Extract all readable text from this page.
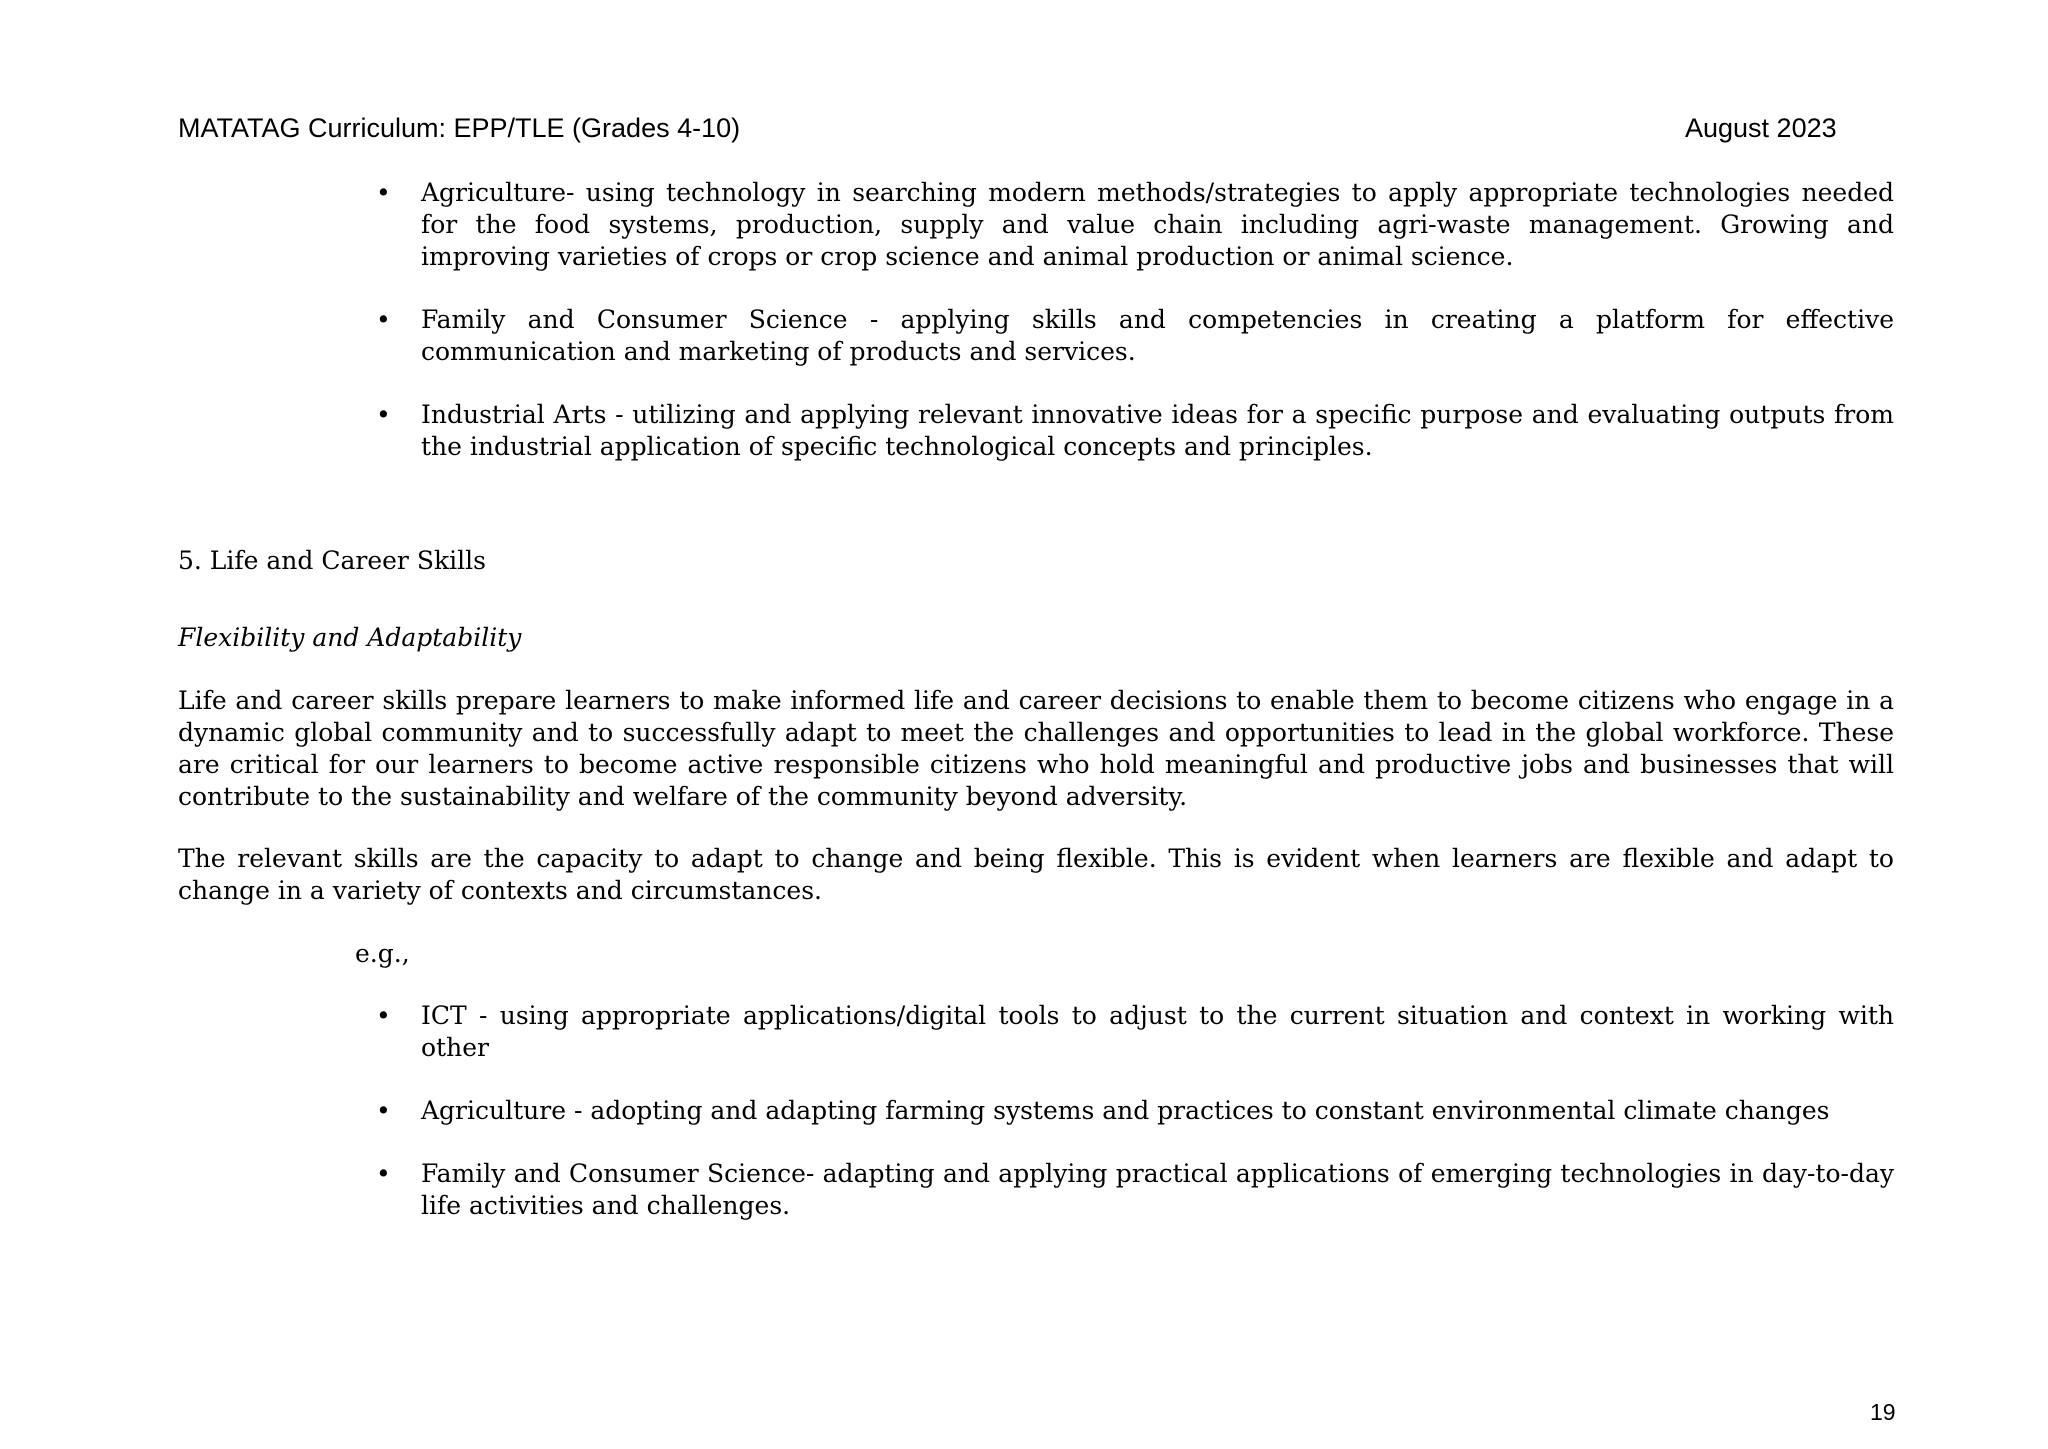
MATATAG Curriculum: EPP/TLE (Grades 4-10)	August 2023
•	Agriculture- using technology in searching modern methods/strategies to apply appropriate technologies needed for the food systems, production, supply and value chain including agri-waste management. Growing and improving varieties of crops or crop science and animal production or animal science.
•	Family and Consumer Science - applying skills and competencies in creating a platform for effective communication and marketing of products and services.
•	Industrial Arts - utilizing and applying relevant innovative ideas for a specific purpose and evaluating outputs from the industrial application of specific technological concepts and principles.
5. Life and Career Skills
Flexibility and Adaptability

Life and career skills prepare learners to make informed life and career decisions to enable them to become citizens who engage in a dynamic global community and to successfully adapt to meet the challenges and opportunities to lead in the global workforce. These are critical for our learners to become active responsible citizens who hold meaningful and productive jobs and businesses that will contribute to the sustainability and welfare of the community beyond adversity.

The relevant skills are the capacity to adapt to change and being flexible. This is evident when learners are flexible and adapt to change in a variety of contexts and circumstances.

e.g.,
•	ICT - using appropriate applications/digital tools to adjust to the current situation and context in working with other
•	Agriculture - adopting and adapting farming systems and practices to constant environmental climate changes
•	Family and Consumer Science- adapting and applying practical applications of emerging technologies in day-to-day life activities and challenges.
19
